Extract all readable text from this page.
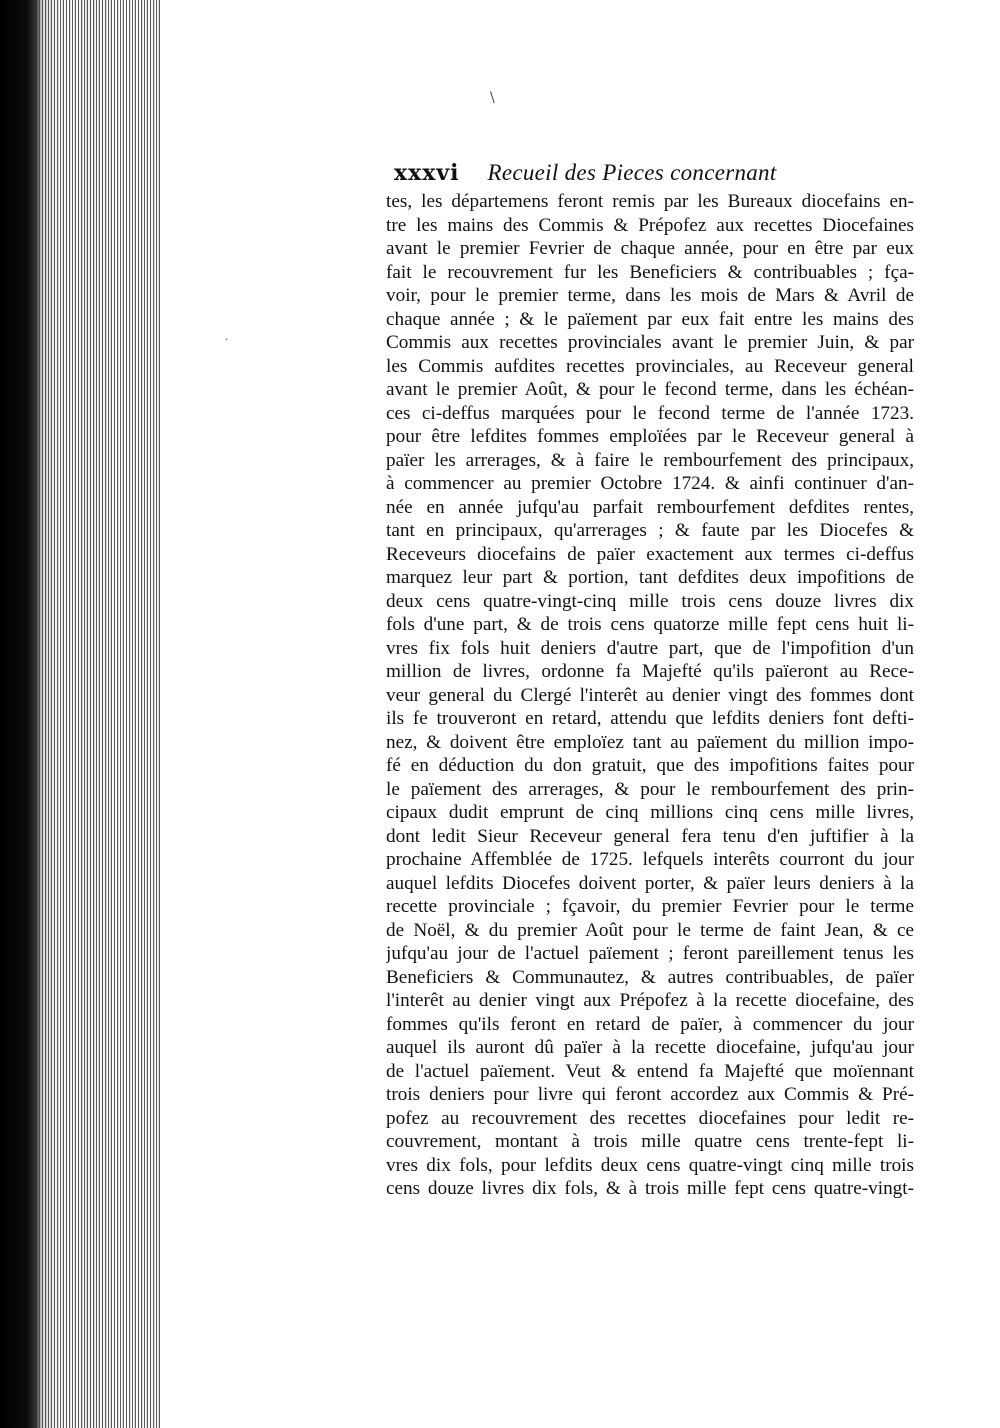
\
·
xxxvi Recueil des Pieces concernant
tes, les départemens feront remis par les Bureaux diocefains en-
tre les mains des Commis & Prépofez aux recettes Diocefaines
avant le premier Fevrier de chaque année, pour en être par eux
fait le recouvrement fur les Beneficiers & contribuables ; fça-
voir, pour le premier terme, dans les mois de Mars & Avril de
chaque année ; & le païement par eux fait entre les mains des
Commis aux recettes provinciales avant le premier Juin, & par
les Commis aufdites recettes provinciales, au Receveur general
avant le premier Août, & pour le fecond terme, dans les échéan-
ces ci-deffus marquées pour le fecond terme de l'année 1723.
pour être lefdites fommes emploïées par le Receveur general à
païer les arrerages, & à faire le rembourfement des principaux,
à commencer au premier Octobre 1724. & ainfi continuer d'an-
née en année jufqu'au parfait rembourfement defdites rentes,
tant en principaux, qu'arrerages ; & faute par les Diocefes &
Receveurs diocefains de païer exactement aux termes ci-deffus
marquez leur part & portion, tant defdites deux impofitions de
deux cens quatre-vingt-cinq mille trois cens douze livres dix
fols d'une part, & de trois cens quatorze mille fept cens huit li-
vres fix fols huit deniers d'autre part, que de l'impofition d'un
million de livres, ordonne fa Majefté qu'ils païeront au Rece-
veur general du Clergé l'interêt au denier vingt des fommes dont
ils fe trouveront en retard, attendu que lefdits deniers font defti-
nez, & doivent être emploïez tant au païement du million impo-
fé en déduction du don gratuit, que des impofitions faites pour
le païement des arrerages, & pour le rembourfement des prin-
cipaux dudit emprunt de cinq millions cinq cens mille livres,
dont ledit Sieur Receveur general fera tenu d'en juftifier à la
prochaine Affemblée de 1725. lefquels interêts courront du jour
auquel lefdits Diocefes doivent porter, & païer leurs deniers à la
recette provinciale ; fçavoir, du premier Fevrier pour le terme
de Noël, & du premier Août pour le terme de faint Jean, & ce
jufqu'au jour de l'actuel païement ; feront pareillement tenus les
Beneficiers & Communautez, & autres contribuables, de païer
l'interêt au denier vingt aux Prépofez à la recette diocefaine, des
fommes qu'ils feront en retard de païer, à commencer du jour
auquel ils auront dû païer à la recette diocefaine, jufqu'au jour
de l'actuel païement. Veut & entend fa Majefté que moïennant
trois deniers pour livre qui feront accordez aux Commis & Pré-
pofez au recouvrement des recettes diocefaines pour ledit re-
couvrement, montant à trois mille quatre cens trente-fept li-
vres dix fols, pour lefdits deux cens quatre-vingt cinq mille trois
cens douze livres dix fols, & à trois mille fept cens quatre-vingt-
